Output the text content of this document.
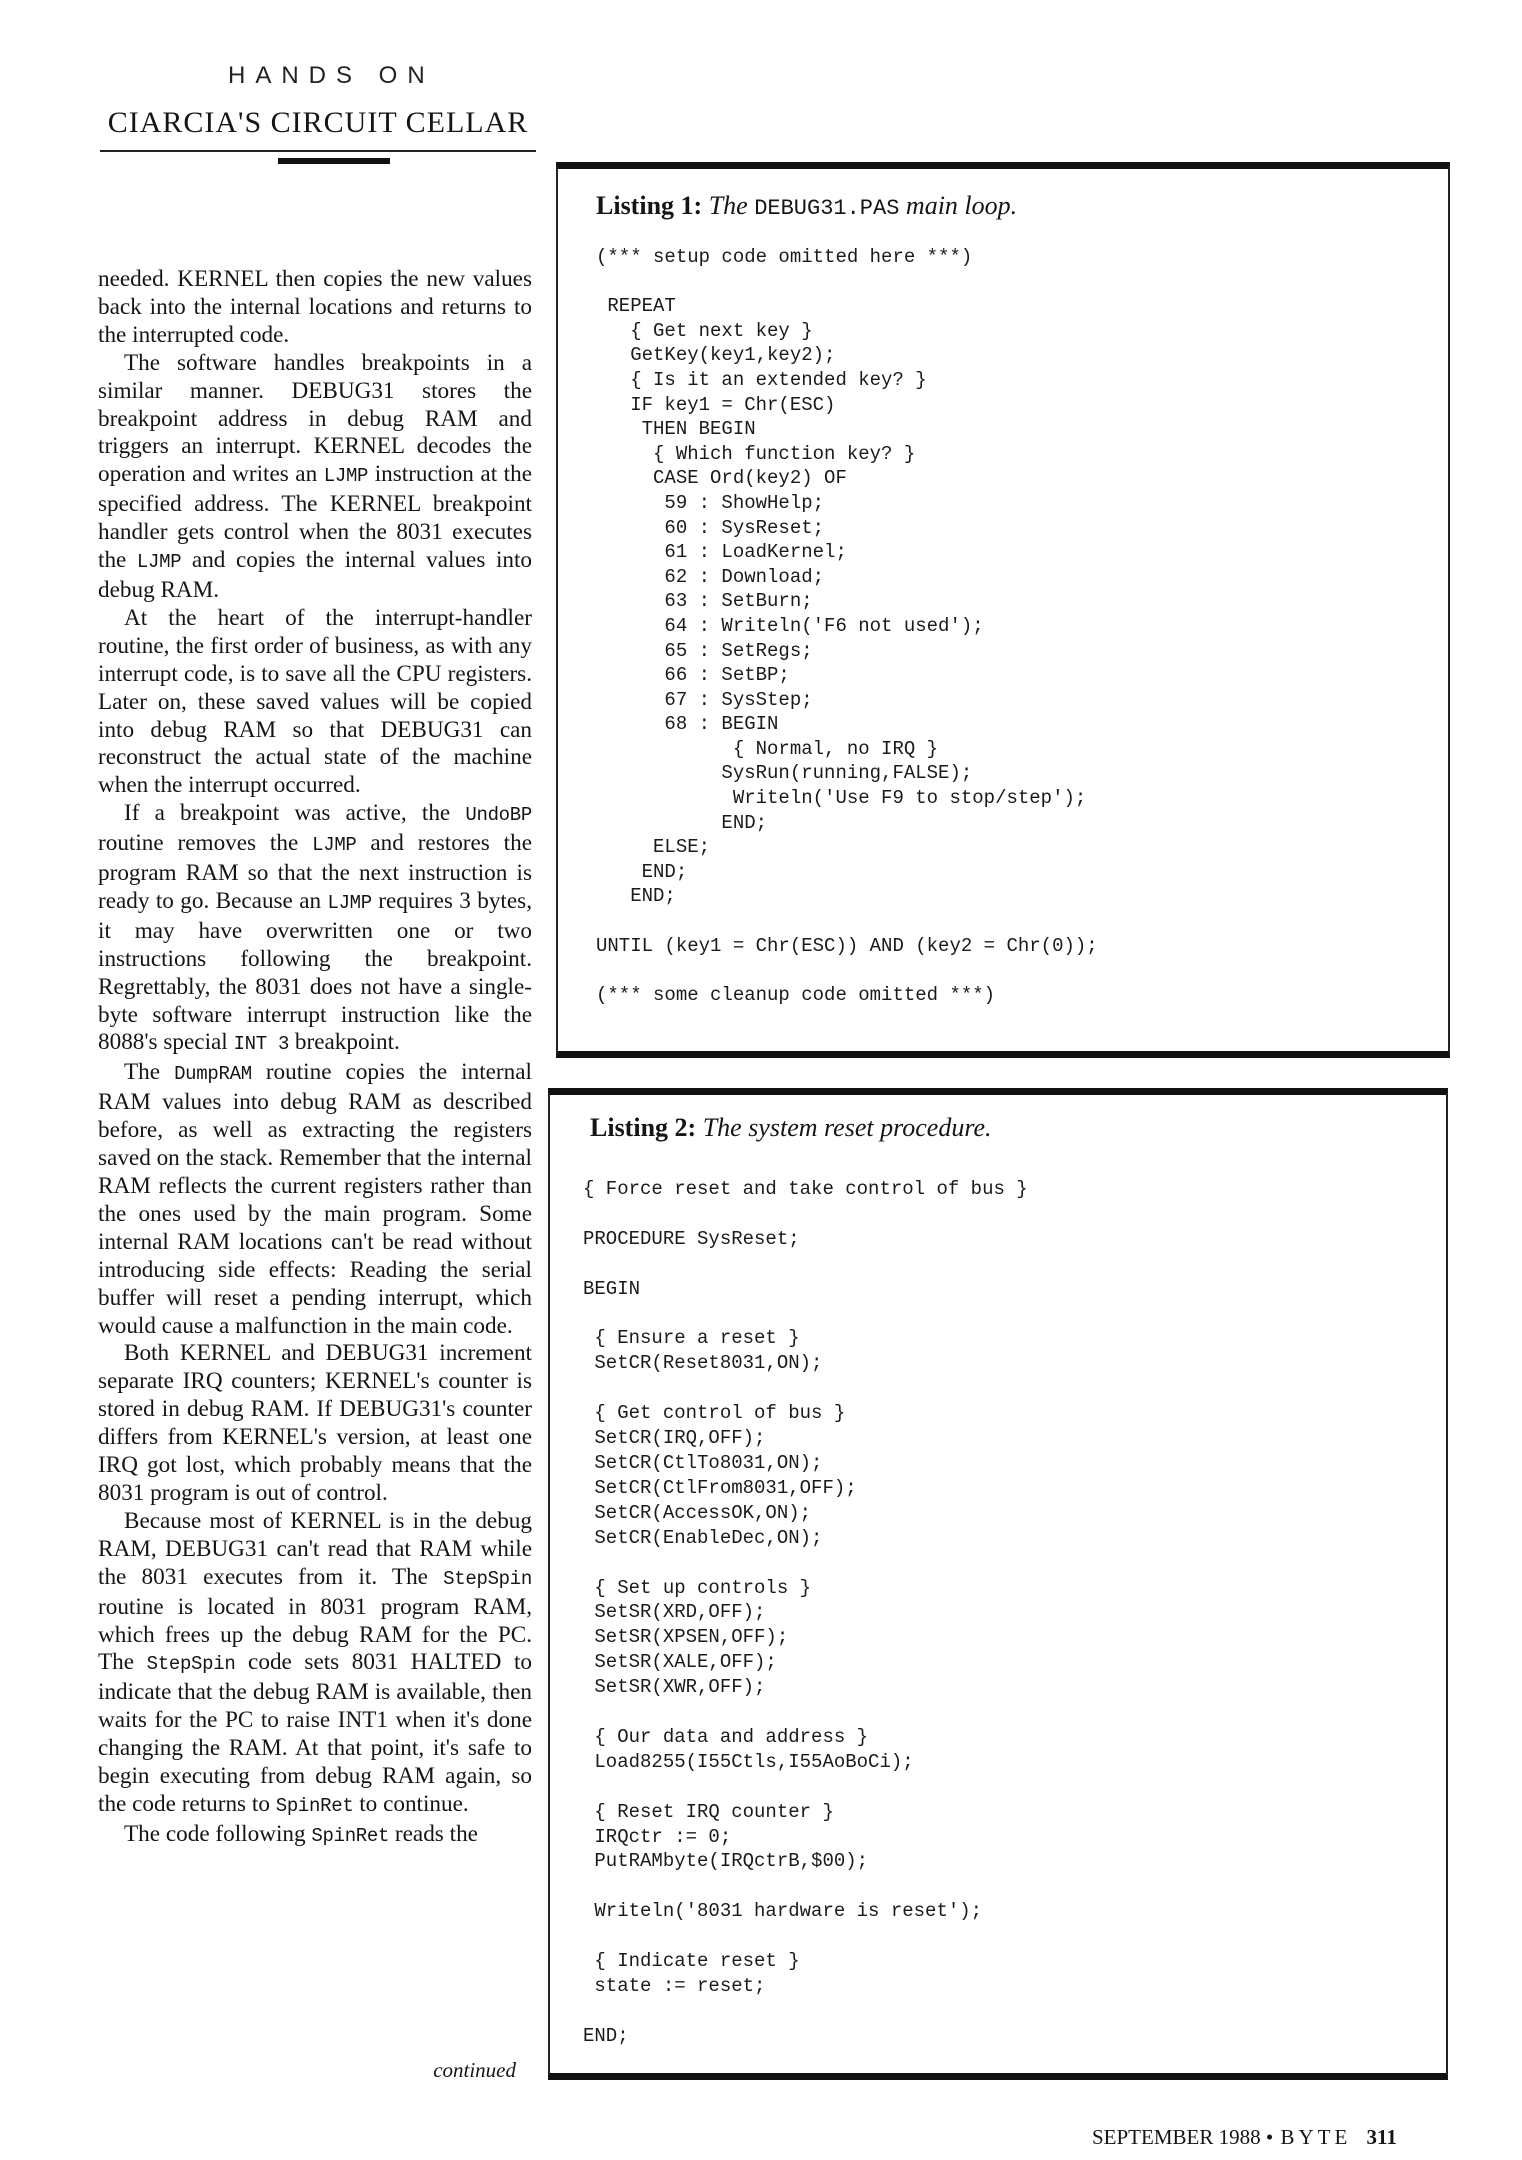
HANDS ON
CIARCIA'S CIRCUIT CELLAR

needed. KERNEL then copies the new values back into the internal locations and returns to the interrupted code.

The software handles breakpoints in a similar manner. DEBUG31 stores the breakpoint address in debug RAM and triggers an interrupt. KERNEL decodes the operation and writes an LJMP instruction at the specified address. The KERNEL breakpoint handler gets control when the 8031 executes the LJMP and copies the internal values into debug RAM.

At the heart of the interrupt-handler routine, the first order of business, as with any interrupt code, is to save all the CPU registers. Later on, these saved values will be copied into debug RAM so that DEBUG31 can reconstruct the actual state of the machine when the interrupt occurred.

If a breakpoint was active, the UndoBP routine removes the LJMP and restores the program RAM so that the next instruction is ready to go. Because an LJMP requires 3 bytes, it may have overwritten one or two instructions following the breakpoint. Regrettably, the 8031 does not have a single-byte software interrupt instruction like the 8088's special INT 3 breakpoint.

The DumpRAM routine copies the internal RAM values into debug RAM as described before, as well as extracting the registers saved on the stack. Remember that the internal RAM reflects the current registers rather than the ones used by the main program. Some internal RAM locations can't be read without introducing side effects: Reading the serial buffer will reset a pending interrupt, which would cause a malfunction in the main code.

Both KERNEL and DEBUG31 increment separate IRQ counters; KERNEL's counter is stored in debug RAM. If DEBUG31's counter differs from KERNEL's version, at least one IRQ got lost, which probably means that the 8031 program is out of control.

Because most of KERNEL is in the debug RAM, DEBUG31 can't read that RAM while the 8031 executes from it. The StepSpin routine is located in 8031 program RAM, which frees up the debug RAM for the PC. The StepSpin code sets 8031 HALTED to indicate that the debug RAM is available, then waits for the PC to raise INT1 when it's done changing the RAM. At that point, it's safe to begin executing from debug RAM again, so the code returns to SpinRet to continue.

The code following SpinRet reads the

continued
Listing 1: The DEBUG31.PAS main loop.
(*** setup code omitted here ***)

REPEAT
{ Get next key }
GetKey(key1,key2);
{ Is it an extended key? }
IF key1 = Chr(ESC)
THEN BEGIN
{ Which function key? }
CASE Ord(key2) OF
59 : ShowHelp;
60 : SysReset;
61 : LoadKernel;
62 : Download;
63 : SetBurn;
64 : Writeln('F6 not used');
65 : SetRegs;
66 : SetBP;
67 : SysStep;
68 : BEGIN
{ Normal, no IRQ }
SysRun(running,FALSE);
Writeln('Use F9 to stop/step');
END;
ELSE;
END;
END;

UNTIL (key1 = Chr(ESC)) AND (key2 = Chr(0));

(*** some cleanup code omitted ***)
Listing 2: The system reset procedure.
{ Force reset and take control of bus }

PROCEDURE SysReset;

BEGIN

{ Ensure a reset }
SetCR(Reset8031,ON);

{ Get control of bus }
SetCR(IRQ,OFF);
SetCR(CtlTo8031,ON);
SetCR(CtlFrom8031,OFF);
SetCR(AccessOK,ON);
SetCR(EnableDec,ON);

{ Set up controls }
SetSR(XRD,OFF);
SetSR(XPSEN,OFF);
SetSR(XALE,OFF);
SetSR(XWR,OFF);

{ Our data and address }
Load8255(I55Ctls,I55AoBoCi);

{ Reset IRQ counter }
IRQctr := 0;
PutRAMbyte(IRQctrB,$00);

Writeln('8031 hardware is reset');

{ Indicate reset }
state := reset;

END;
SEPTEMBER 1988 • BYTE 311
